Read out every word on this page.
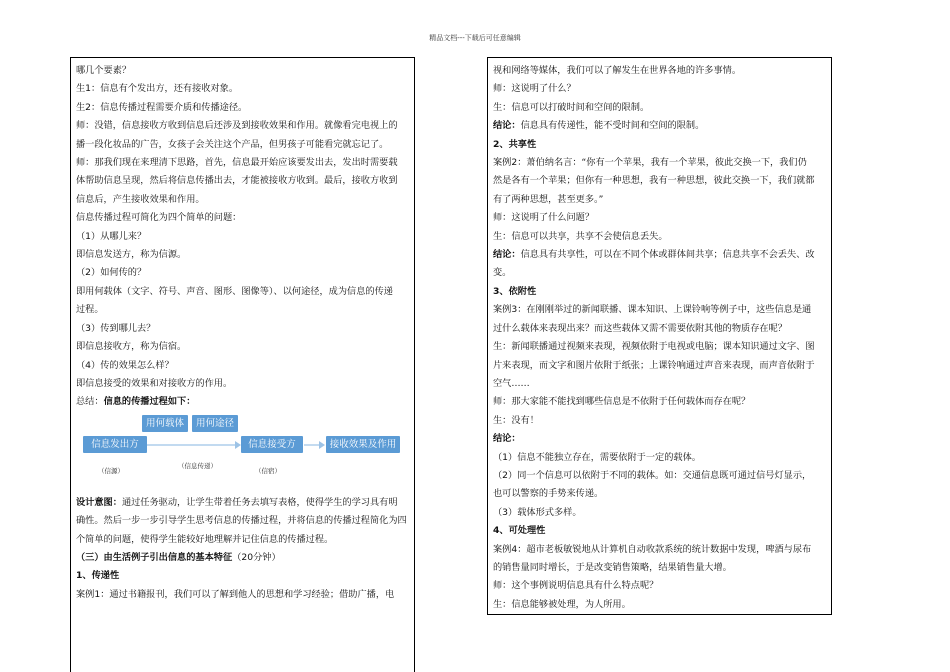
精品文档---下载后可任意编辑
哪几个要素？
生1：信息有个发出方，还有接收对象。
生2：信息传播过程需要介质和传播途径。
师：没错，信息接收方收到信息后还涉及到接收效果和作用。就像看完电视上的
播一段化妆品的广告，女孩子会关注这个产品，但男孩子可能看完就忘记了。
师：那我们现在来理清下思路，首先，信息最开始应该要发出去，发出时需要载
体帮助信息呈现，然后将信息传播出去，才能被接收方收到。最后，接收方收到
信息后，产生接收效果和作用。
信息传播过程可简化为四个简单的问题：
（1）从哪儿来？
即信息发送方，称为信源。
（2）如何传的？
即用何载体（文字、符号、声音、图形、图像等）、以何途径，成为信息的传递
过程。
（3）传到哪儿去？
即信息接收方，称为信宿。
（4）传的效果怎么样？
即信息接受的效果和对接收方的作用。
总结：信息的传播过程如下：
用何载体	用何途径
信息发出方	信息接受方	接收效果及作用
（信源）
（信息传递）
（信宿）
设计意图：通过任务驱动，让学生带着任务去填写表格，使得学生的学习具有明
确性。然后一步一步引导学生思考信息的传播过程，并将信息的传播过程简化为四
个简单的问题，使得学生能较好地理解并记住信息的传播过程。
（三）由生活例子引出信息的基本特征（20分钟）
1、传递性
案例1：通过书籍报刊，我们可以了解到他人的思想和学习经验；借助广播，电
视和网络等媒体，我们可以了解发生在世界各地的许多事情。
师：这说明了什么？
生：信息可以打破时间和空间的限制。
结论：信息具有传递性，能不受时间和空间的限制。
2、共享性
案例2：萧伯纳名言：“你有一个苹果，我有一个苹果，彼此交换一下，我们仍
然是各有一个苹果；但你有一种思想，我有一种思想，彼此交换一下，我们就都
有了两种思想，甚至更多。”
师：这说明了什么问题？
生：信息可以共享，共享不会使信息丢失。
结论：信息具有共享性，可以在不同个体或群体间共享；信息共享不会丢失、改
变。
3、依附性
案例3：在刚刚举过的新闻联播、课本知识、上课铃响等例子中，这些信息是通
过什么载体来表现出来？而这些载体又需不需要依附其他的物质存在呢？
生：新闻联播通过视频来表现，视频依附于电视或电脑；课本知识通过文字、图
片来表现，而文字和图片依附于纸张；上课铃响通过声音来表现，而声音依附于
空气……
师：那大家能不能找到哪些信息是不依附于任何载体而存在呢？
生：没有！
结论：
（1）信息不能独立存在，需要依附于一定的载体。
（2）同一个信息可以依附于不同的载体。如：交通信息既可通过信号灯显示，
也可以警察的手势来传递。
（3）载体形式多样。
4、可处理性
案例4：超市老板敏锐地从计算机自动收款系统的统计数据中发现，啤酒与尿布
的销售量同时增长，于是改变销售策略，结果销售量大增。
师：这个事例说明信息具有什么特点呢？
生：信息能够被处理，为人所用。
